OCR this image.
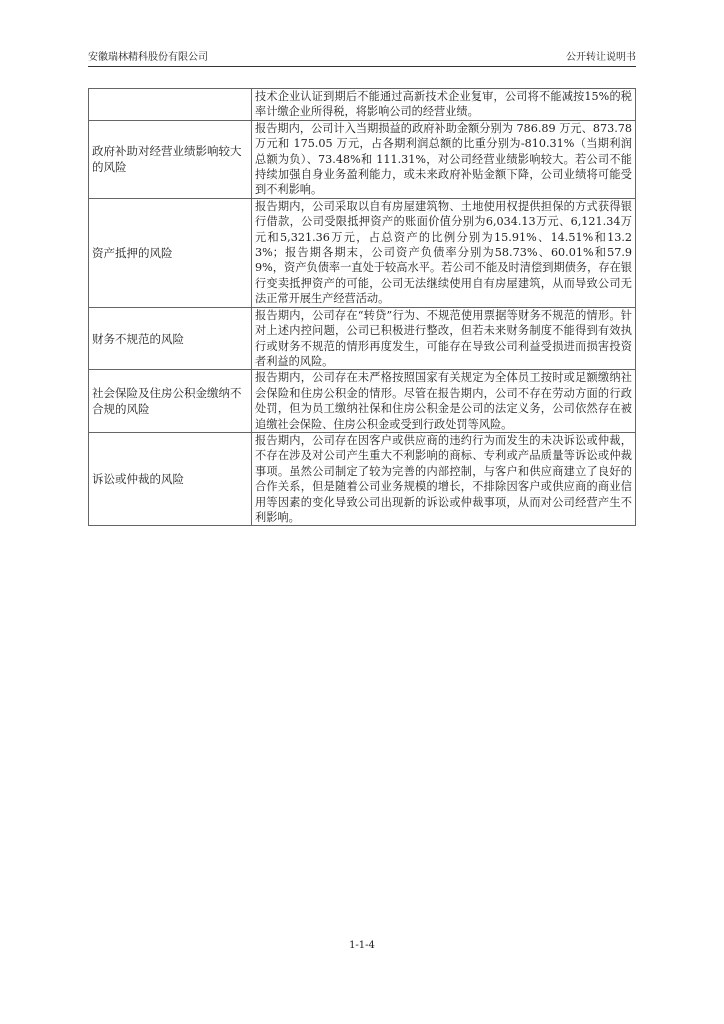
安徽瑞林精科股份有限公司	公开转让说明书
	技术企业认证到期后不能通过高新技术企业复审，公司将不能减按15%的税率计缴企业所得税，将影响公司的经营业绩。
政府补助对经营业绩影响较大的风险	报告期内，公司计入当期损益的政府补助金额分别为 786.89 万元、873.78 万元和 175.05 万元，占各期利润总额的比重分别为-810.31%（当期利润总额为负）、73.48%和 111.31%，对公司经营业绩影响较大。若公司不能持续加强自身业务盈利能力，或未来政府补贴金额下降，公司业绩将可能受到不利影响。
资产抵押的风险	报告期内，公司采取以自有房屋建筑物、土地使用权提供担保的方式获得银行借款，公司受限抵押资产的账面价值分别为6,034.13万元、6,121.34万元和5,321.36万元，占总资产的比例分别为15.91%、14.51%和13.23%；报告期各期末，公司资产负债率分别为58.73%、60.01%和57.99%，资产负债率一直处于较高水平。若公司不能及时清偿到期债务，存在银行变卖抵押资产的可能，公司无法继续使用自有房屋建筑，从而导致公司无法正常开展生产经营活动。
财务不规范的风险	报告期内，公司存在“转贷”行为、不规范使用票据等财务不规范的情形。针对上述内控问题，公司已积极进行整改，但若未来财务制度不能得到有效执行或财务不规范的情形再度发生，可能存在导致公司利益受损进而损害投资者利益的风险。
社会保险及住房公积金缴纳不合规的风险	报告期内，公司存在未严格按照国家有关规定为全体员工按时或足额缴纳社会保险和住房公积金的情形。尽管在报告期内，公司不存在劳动方面的行政处罚，但为员工缴纳社保和住房公积金是公司的法定义务，公司依然存在被追缴社会保险、住房公积金或受到行政处罚等风险。
诉讼或仲裁的风险	报告期内，公司存在因客户或供应商的违约行为而发生的未决诉讼或仲裁，不存在涉及对公司产生重大不利影响的商标、专利或产品质量等诉讼或仲裁事项。虽然公司制定了较为完善的内部控制，与客户和供应商建立了良好的合作关系，但是随着公司业务规模的增长，不排除因客户或供应商的商业信用等因素的变化导致公司出现新的诉讼或仲裁事项，从而对公司经营产生不利影响。
1-1-4
